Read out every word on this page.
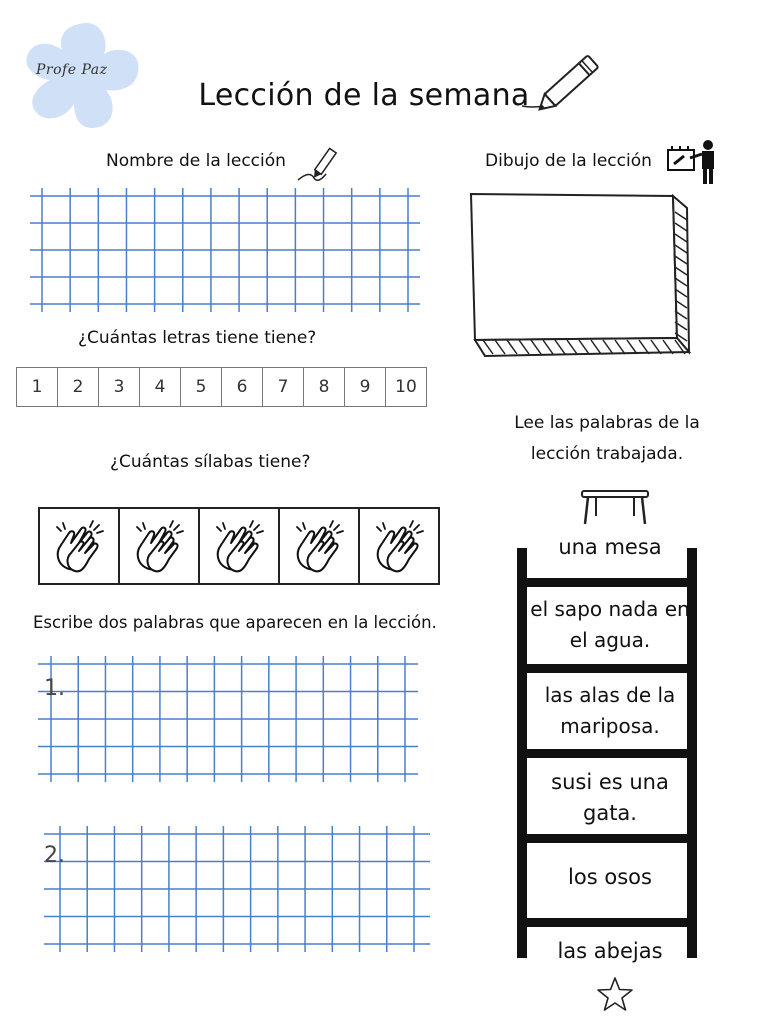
Profe Paz
Lección de la semana
Nombre de la lección	Dibujo de la lección
¿Cuántas letras tiene tiene?
1	2	3	4	5	6	7	8	9	10
Lee las palabras de la
lección trabajada.
¿Cuántas sílabas tiene?
una mesa
el sapo nada en
el agua.
las alas de la
mariposa.
susi es una
gata.
los osos
las abejas
Escribe dos palabras que aparecen en la lección.
1.
2.
